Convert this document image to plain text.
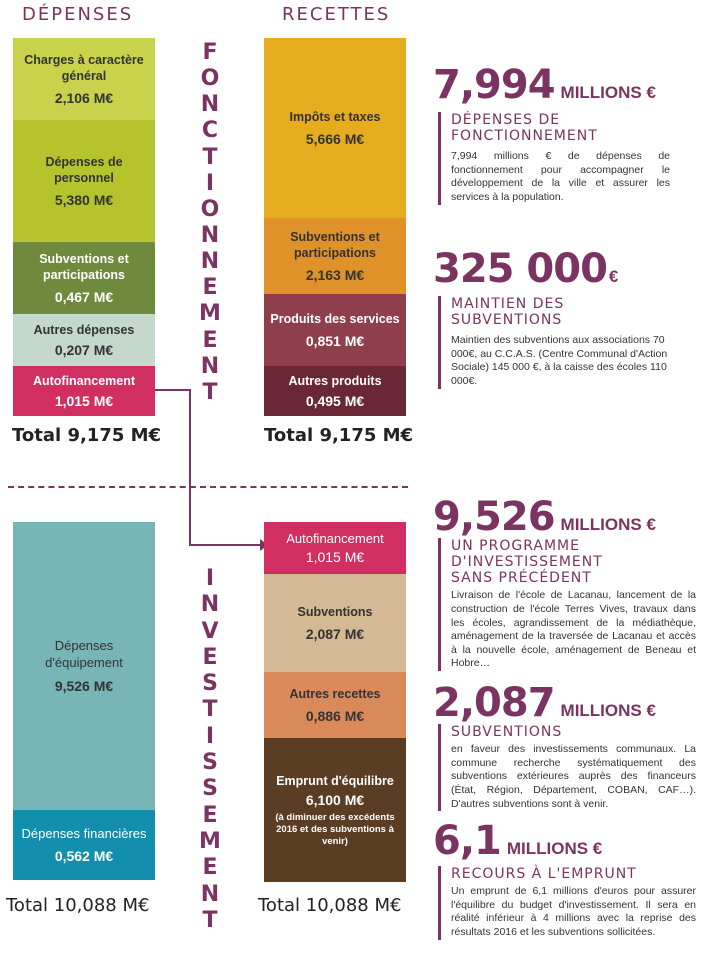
DÉPENSES	RECETTES
Charges à caractère général
2,106 M€
Dépenses de personnel
5,380 M€
Subventions et participations
0,467 M€
Autres dépenses
0,207 M€
Autofinancement
1,015 M€
Total 9,175 M€
Impôts et taxes
5,666 M€
Subventions et participations
2,163 M€
Produits des services
0,851 M€
Autres produits
0,495 M€
Total 9,175 M€
F
O
N
C
T
I
O
N
N
E
M
E
N
T
Dépenses d'équipement
9,526 M€
Dépenses financières
0,562 M€
Total 10,088 M€
Autofinancement
1,015 M€
Subventions
2,087 M€
Autres recettes
0,886 M€
Emprunt d'équilibre
6,100 M€
(à diminuer des excédents 2016 et des subventions à venir)
Total 10,088 M€
I
N
V
E
S
T
I
S
S
E
M
E
N
T
7,994 MILLIONS €
DÉPENSES DE FONCTIONNEMENT
7,994 millions € de dépenses de fonctionnement pour accompagner le développement de la ville et assurer les services à la population.
325 000 €
MAINTIEN DES SUBVENTIONS
Maintien des subventions aux associations 70 000€, au C.C.A.S. (Centre Communal d'Action Sociale) 145 000 €, à la caisse des écoles 110 000€.
9,526 MILLIONS €
UN PROGRAMME D'INVESTISSEMENT SANS PRÉCÉDENT
Livraison de l'école de Lacanau, lancement de la construction de l'école Terres Vives, travaux dans les écoles, agrandissement de la médiathèque, aménagement de la traversée de Lacanau et accès à la nouvelle école, aménagement de Beneau et Hobre…
2,087 MILLIONS €
SUBVENTIONS
en faveur des investissements communaux. La commune recherche systématiquement des subventions extérieures auprès des financeurs (État, Région, Département, COBAN, CAF…). D'autres subventions sont à venir.
6,1 MILLIONS €
RECOURS À L'EMPRUNT
Un emprunt de 6,1 millions d'euros pour assurer l'équilibre du budget d'investissement. Il sera en réalité inférieur à 4 millions avec la reprise des résultats 2016 et les subventions sollicitées.
